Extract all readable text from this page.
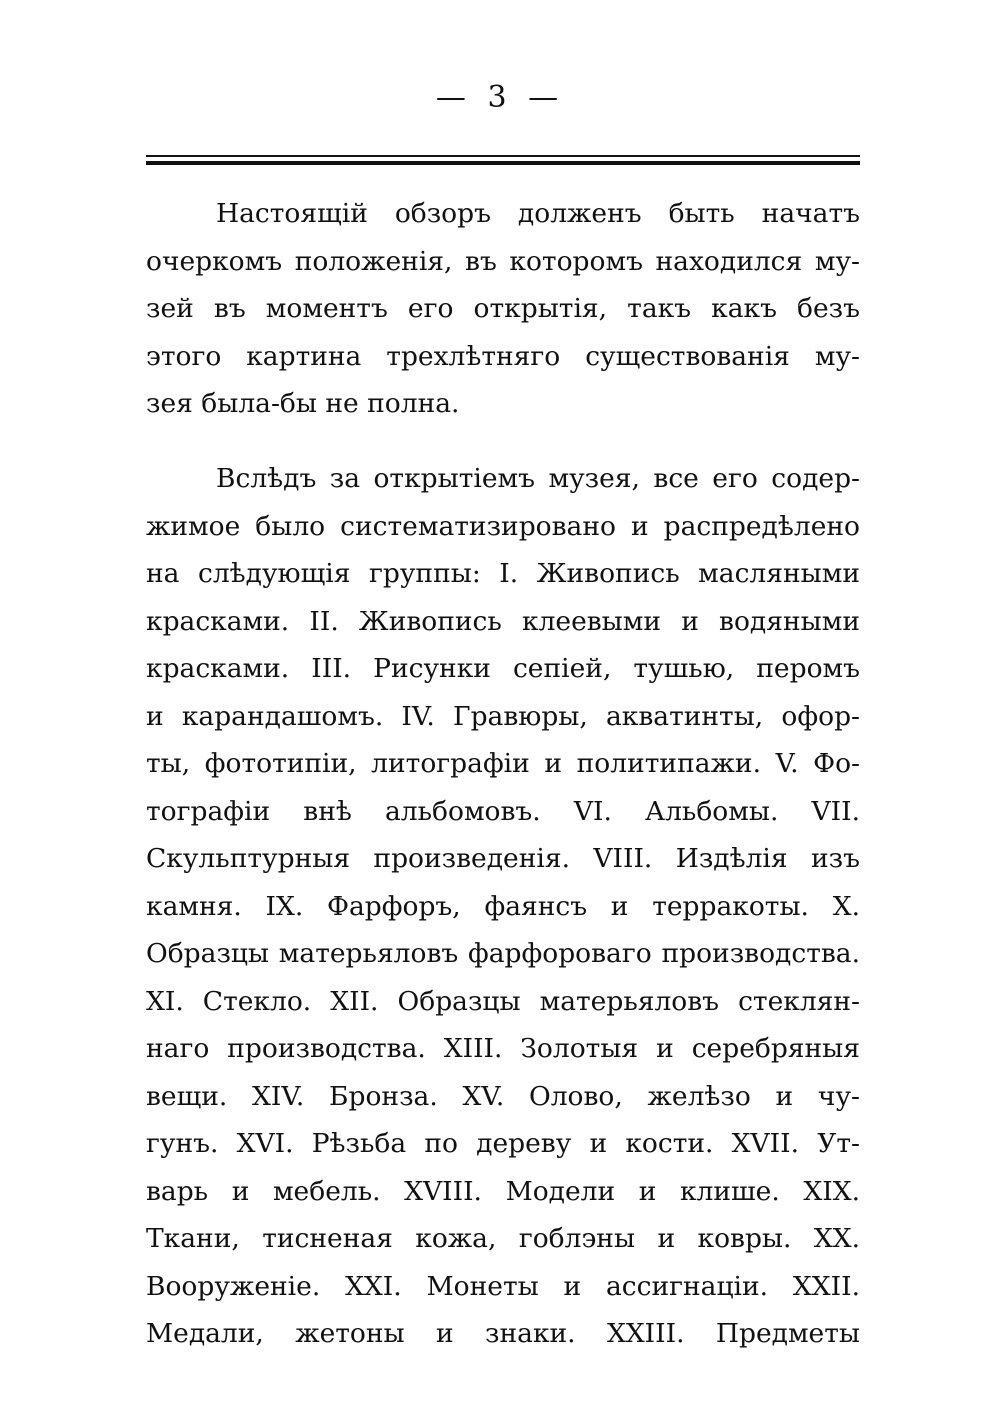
— 3 —
Настоящій обзоръ долженъ быть начатъ
очеркомъ положенія, въ которомъ находился му-
зей въ моментъ его открытія, такъ какъ безъ
этого картина трехлѣтняго существованія му-
зея была-бы не полна.
Вслѣдъ за открытіемъ музея, все его содер-
жимое было систематизировано и распредѣлено
на слѣдующія группы: I. Живопись масляными
красками. II. Живопись клеевыми и водяными
красками. III. Рисунки сепіей, тушью, перомъ
и карандашомъ. IV. Гравюры, акватинты, офор-
ты, фототипіи, литографіи и политипажи. V. Фо-
тографіи внѣ альбомовъ. VI. Альбомы. VII.
Скульптурныя произведенія. VIII. Издѣлія изъ
камня. IX. Фарфоръ, фаянсъ и терракоты. X.
Образцы матерьяловъ фарфороваго производства.
XI. Стекло. XII. Образцы матерьяловъ стеклян-
наго производства. XIII. Золотыя и серебряныя
вещи. XIV. Бронза. XV. Олово, желѣзо и чу-
гунъ. XVI. Рѣзьба по дереву и кости. XVII. Ут-
варь и мебель. XVIII. Модели и клише. XIX.
Ткани, тисненая кожа, гоблэны и ковры. XX.
Вооруженіе. XXI. Монеты и ассигнаціи. XXII.
Медали, жетоны и знаки. XXIII. Предметы
